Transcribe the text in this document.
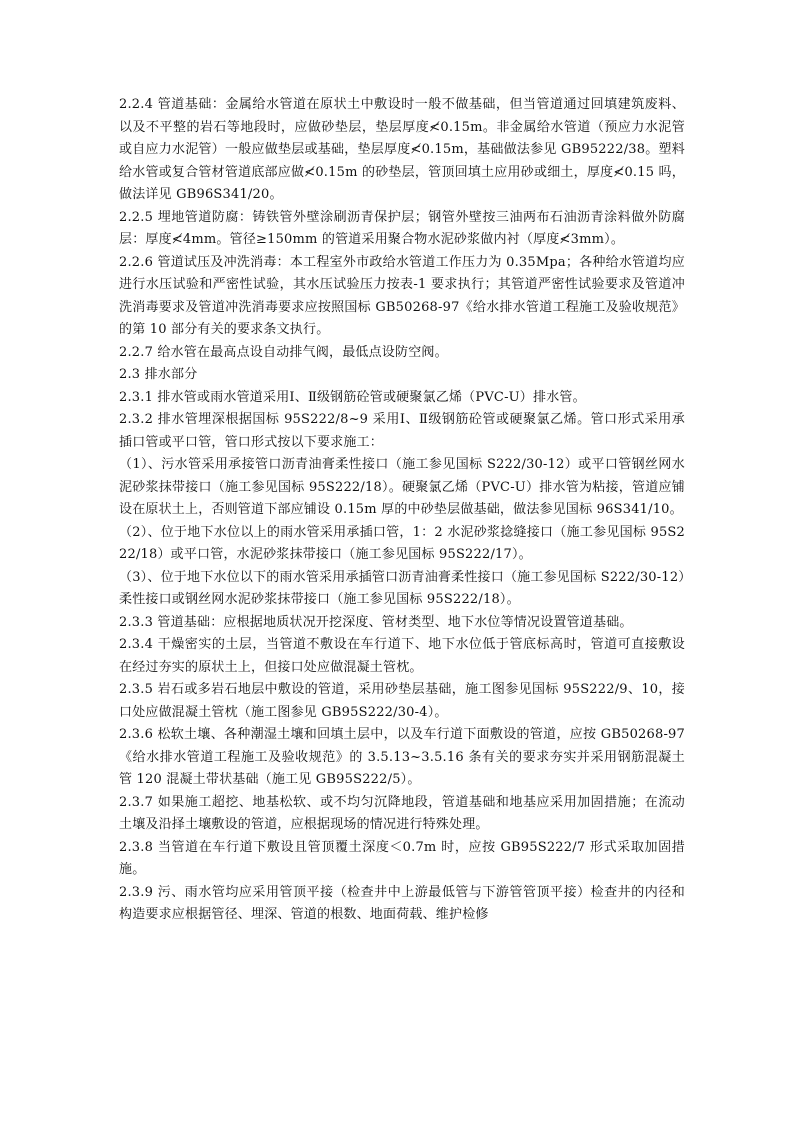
2.2.4 管道基础：金属给水管道在原状土中敷设时一般不做基础，但当管道通过回填建筑废料、以及不平整的岩石等地段时，应做砂垫层，垫层厚度≮0.15m。非金属给水管道（预应力水泥管或自应力水泥管）一般应做垫层或基础，垫层厚度≮0.15m，基础做法参见 GB95222/38。塑料给水管或复合管材管道底部应做≮0.15m 的砂垫层，管顶回填土应用砂或细土，厚度≮0.15 吗，做法详见 GB96S341/20。

2.2.5 埋地管道防腐：铸铁管外壁涂刷沥青保护层；钢管外壁按三油两布石油沥青涂料做外防腐层：厚度≮4mm。管径≥150mm 的管道采用聚合物水泥砂浆做内衬（厚度≮3mm）。

2.2.6 管道试压及冲洗消毒：本工程室外市政给水管道工作压力为 0.35Mpa；各种给水管道均应进行水压试验和严密性试验，其水压试验压力按表-1 要求执行；其管道严密性试验要求及管道冲洗消毒要求及管道冲洗消毒要求应按照国标 GB50268-97《给水排水管道工程施工及验收规范》的第 10 部分有关的要求条文执行。

2.2.7 给水管在最高点设自动排气阀，最低点设防空阀。

2.3 排水部分

2.3.1 排水管或雨水管道采用Ⅰ、Ⅱ级钢筋砼管或硬聚氯乙烯（PVC-U）排水管。

2.3.2 排水管埋深根据国标 95S222/8~9 采用Ⅰ、Ⅱ级钢筋砼管或硬聚氯乙烯。管口形式采用承插口管或平口管，管口形式按以下要求施工：

（1）、污水管采用承接管口沥青油膏柔性接口（施工参见国标 S222/30-12）或平口管钢丝网水泥砂浆抹带接口（施工参见国标 95S222/18）。硬聚氯乙烯（PVC-U）排水管为粘接，管道应铺设在原状土上，否则管道下部应铺设 0.15m 厚的中砂垫层做基础，做法参见国标 96S341/10。

（2）、位于地下水位以上的雨水管采用承插口管，1：2 水泥砂浆捻缝接口（施工参见国标 95S222/18）或平口管，水泥砂浆抹带接口（施工参见国标 95S222/17）。

（3）、位于地下水位以下的雨水管采用承插管口沥青油膏柔性接口（施工参见国标 S222/30-12）柔性接口或钢丝网水泥砂浆抹带接口（施工参见国标 95S222/18）。

2.3.3 管道基础：应根据地质状况开挖深度、管材类型、地下水位等情况设置管道基础。

2.3.4 干燥密实的土层，当管道不敷设在车行道下、地下水位低于管底标高时，管道可直接敷设在经过夯实的原状土上，但接口处应做混凝土管枕。

2.3.5 岩石或多岩石地层中敷设的管道，采用砂垫层基础，施工图参见国标 95S222/9、10，接口处应做混凝土管枕（施工图参见 GB95S222/30-4）。

2.3.6 松软土壤、各种潮湿土壤和回填土层中，以及车行道下面敷设的管道，应按 GB50268-97《给水排水管道工程施工及验收规范》的 3.5.13~3.5.16 条有关的要求夯实并采用钢筋混凝土管 120 混凝土带状基础（施工见 GB95S222/5）。

2.3.7 如果施工超挖、地基松软、或不均匀沉降地段，管道基础和地基应采用加固措施；在流动土壤及沿择土壤敷设的管道，应根据现场的情况进行特殊处理。

2.3.8 当管道在车行道下敷设且管顶覆土深度＜0.7m 时，应按 GB95S222/7 形式采取加固措施。

2.3.9 污、雨水管均应采用管顶平接（检查井中上游最低管与下游管管顶平接）检查井的内径和构造要求应根据管径、埋深、管道的根数、地面荷载、维护检修
